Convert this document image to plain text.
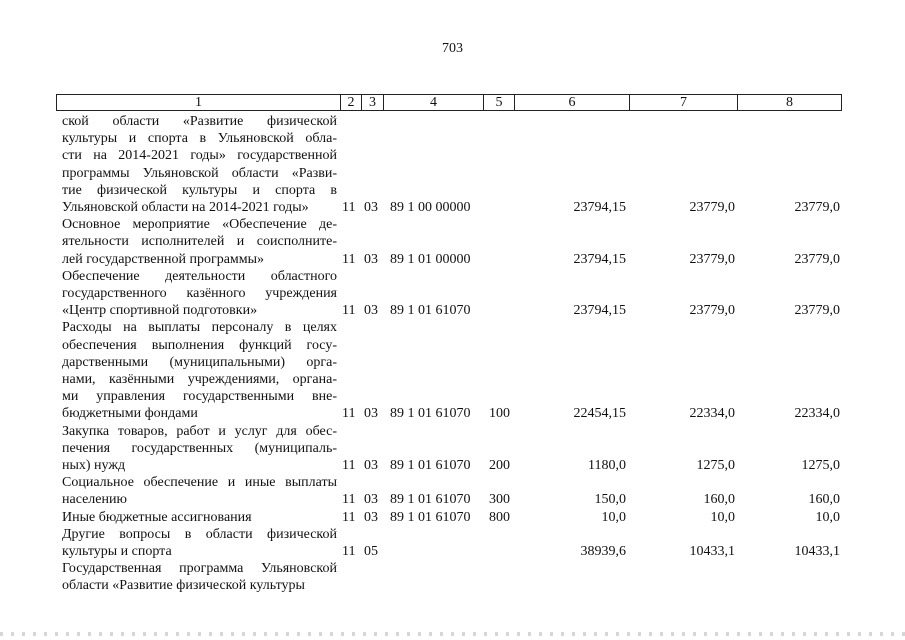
703
1	2	3	4	5	6	7	8
ской области «Развитие физической
культуры и спорта в Ульяновской обла-
сти на 2014-2021 годы» государственной
программы Ульяновской области «Разви-
тие физической культуры и спорта в
Ульяновской области на 2014-2021 годы»	11 03 89 1 00 00000	23794,15	23779,0	23779,0
Основное мероприятие «Обеспечение де-
ятельности исполнителей и соисполните-
лей государственной программы»	11 03 89 1 01 00000	23794,15	23779,0	23779,0
Обеспечение деятельности областного
государственного казённого учреждения
«Центр спортивной подготовки»	11 03 89 1 01 61070	23794,15	23779,0	23779,0
Расходы на выплаты персоналу в целях
обеспечения выполнения функций госу-
дарственными (муниципальными) орга-
нами, казёнными учреждениями, органа-
ми управления государственными вне-
бюджетными фондами	11 03 89 1 01 61070 100	22454,15	22334,0	22334,0
Закупка товаров, работ и услуг для обес-
печения государственных (муниципаль-
ных) нужд	11 03 89 1 01 61070 200	1180,0	1275,0	1275,0
Социальное обеспечение и иные выплаты
населению	11 03 89 1 01 61070 300	150,0	160,0	160,0
Иные бюджетные ассигнования	11 03 89 1 01 61070 800	10,0	10,0	10,0
Другие вопросы в области физической
культуры и спорта	11 05	38939,6	10433,1	10433,1
Государственная программа Ульяновской
области «Развитие физической культуры
